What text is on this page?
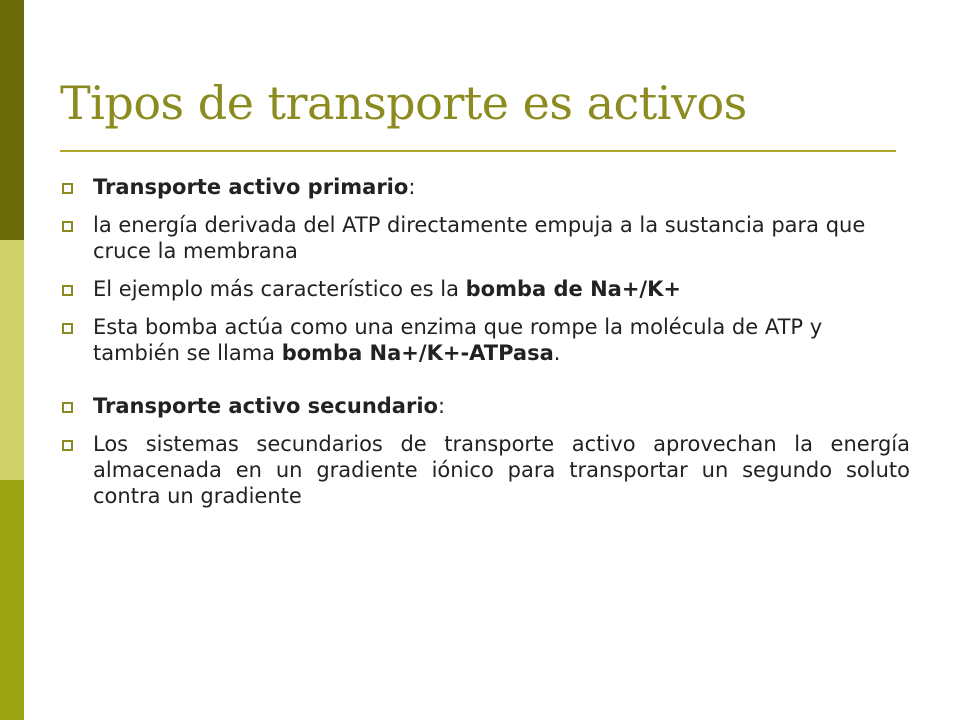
Tipos de transporte es activos
Transporte activo primario:
la energía derivada del ATP directamente empuja a la sustancia para que cruce la membrana
El ejemplo más característico es la bomba de Na+/K+
Esta bomba actúa como una enzima que rompe la molécula de ATP y también se llama bomba Na+/K+-ATPasa.
Transporte activo secundario:
Los sistemas secundarios de transporte activo aprovechan la energía almacenada en un gradiente iónico para transportar un segundo soluto contra un gradiente
